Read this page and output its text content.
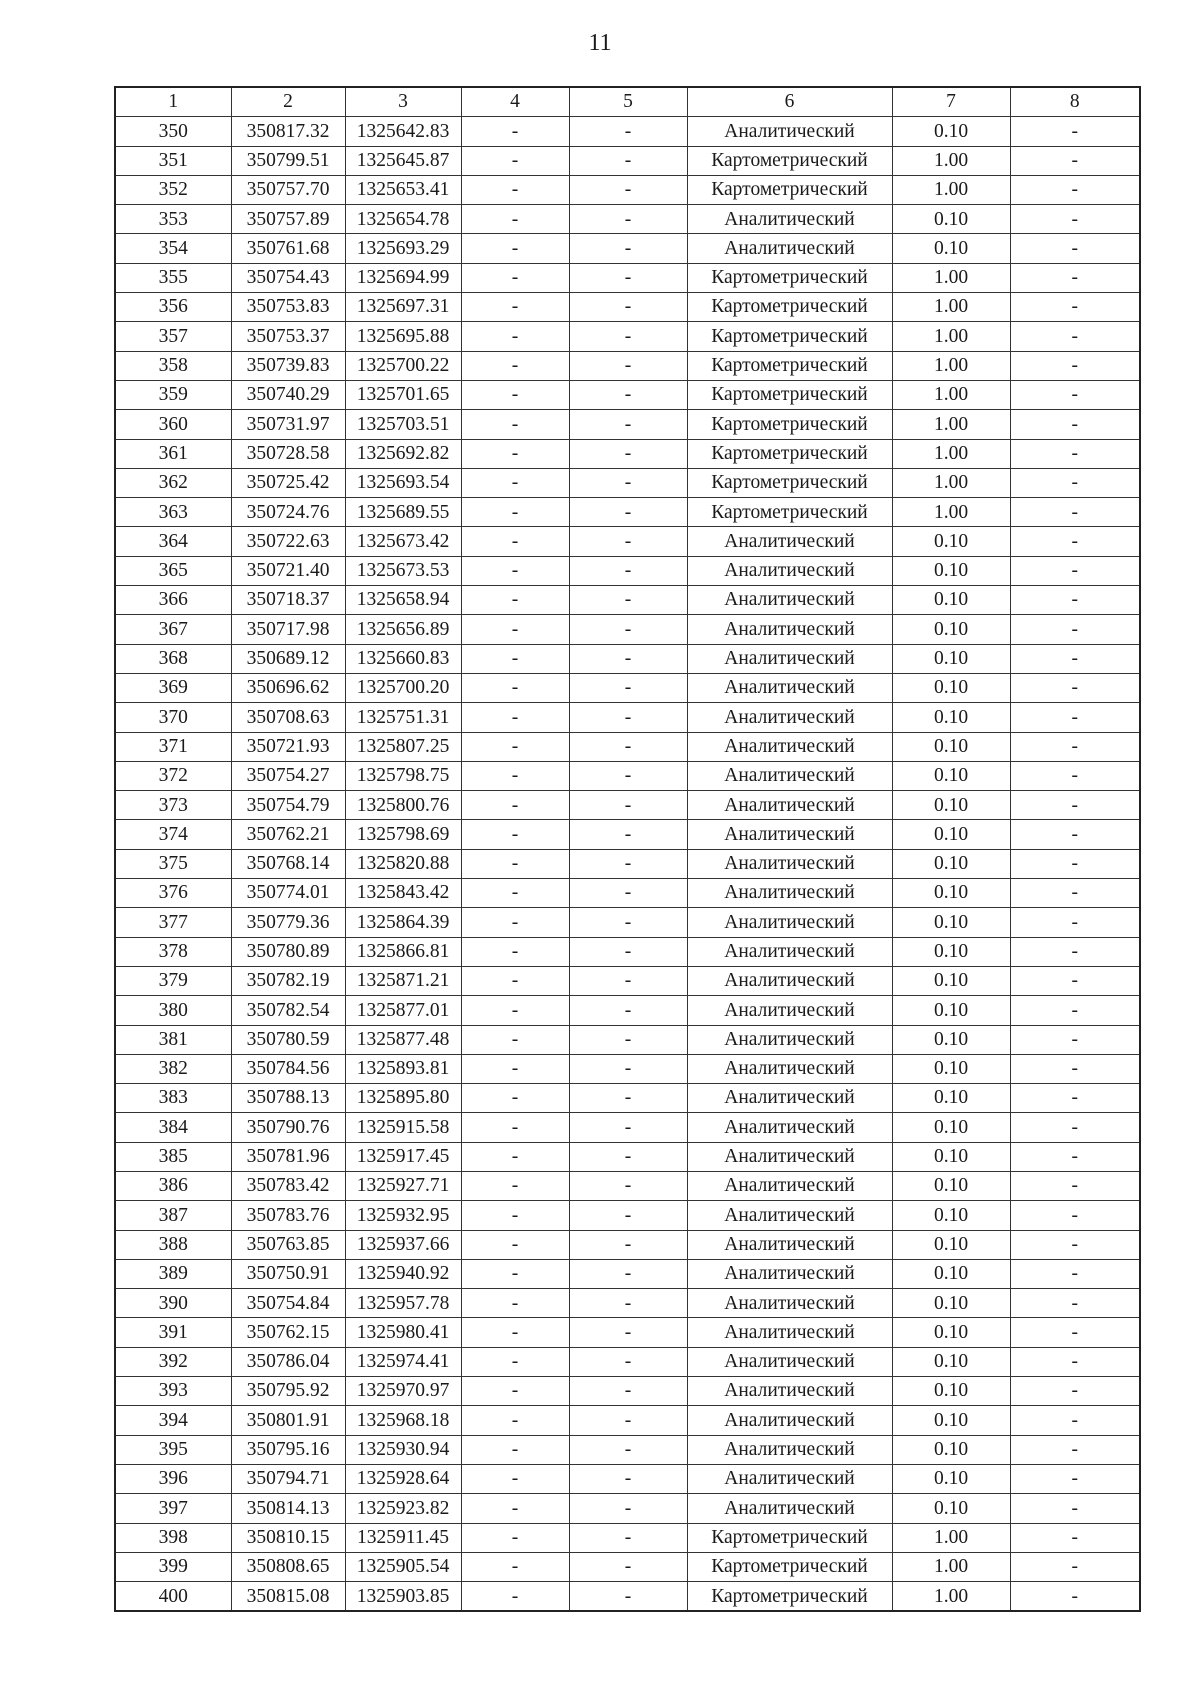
11
1	2	3	4	5	6	7	8
350	350817.32	1325642.83	-	-	Аналитический	0.10	-
351	350799.51	1325645.87	-	-	Картометрический	1.00	-
352	350757.70	1325653.41	-	-	Картометрический	1.00	-
353	350757.89	1325654.78	-	-	Аналитический	0.10	-
354	350761.68	1325693.29	-	-	Аналитический	0.10	-
355	350754.43	1325694.99	-	-	Картометрический	1.00	-
356	350753.83	1325697.31	-	-	Картометрический	1.00	-
357	350753.37	1325695.88	-	-	Картометрический	1.00	-
358	350739.83	1325700.22	-	-	Картометрический	1.00	-
359	350740.29	1325701.65	-	-	Картометрический	1.00	-
360	350731.97	1325703.51	-	-	Картометрический	1.00	-
361	350728.58	1325692.82	-	-	Картометрический	1.00	-
362	350725.42	1325693.54	-	-	Картометрический	1.00	-
363	350724.76	1325689.55	-	-	Картометрический	1.00	-
364	350722.63	1325673.42	-	-	Аналитический	0.10	-
365	350721.40	1325673.53	-	-	Аналитический	0.10	-
366	350718.37	1325658.94	-	-	Аналитический	0.10	-
367	350717.98	1325656.89	-	-	Аналитический	0.10	-
368	350689.12	1325660.83	-	-	Аналитический	0.10	-
369	350696.62	1325700.20	-	-	Аналитический	0.10	-
370	350708.63	1325751.31	-	-	Аналитический	0.10	-
371	350721.93	1325807.25	-	-	Аналитический	0.10	-
372	350754.27	1325798.75	-	-	Аналитический	0.10	-
373	350754.79	1325800.76	-	-	Аналитический	0.10	-
374	350762.21	1325798.69	-	-	Аналитический	0.10	-
375	350768.14	1325820.88	-	-	Аналитический	0.10	-
376	350774.01	1325843.42	-	-	Аналитический	0.10	-
377	350779.36	1325864.39	-	-	Аналитический	0.10	-
378	350780.89	1325866.81	-	-	Аналитический	0.10	-
379	350782.19	1325871.21	-	-	Аналитический	0.10	-
380	350782.54	1325877.01	-	-	Аналитический	0.10	-
381	350780.59	1325877.48	-	-	Аналитический	0.10	-
382	350784.56	1325893.81	-	-	Аналитический	0.10	-
383	350788.13	1325895.80	-	-	Аналитический	0.10	-
384	350790.76	1325915.58	-	-	Аналитический	0.10	-
385	350781.96	1325917.45	-	-	Аналитический	0.10	-
386	350783.42	1325927.71	-	-	Аналитический	0.10	-
387	350783.76	1325932.95	-	-	Аналитический	0.10	-
388	350763.85	1325937.66	-	-	Аналитический	0.10	-
389	350750.91	1325940.92	-	-	Аналитический	0.10	-
390	350754.84	1325957.78	-	-	Аналитический	0.10	-
391	350762.15	1325980.41	-	-	Аналитический	0.10	-
392	350786.04	1325974.41	-	-	Аналитический	0.10	-
393	350795.92	1325970.97	-	-	Аналитический	0.10	-
394	350801.91	1325968.18	-	-	Аналитический	0.10	-
395	350795.16	1325930.94	-	-	Аналитический	0.10	-
396	350794.71	1325928.64	-	-	Аналитический	0.10	-
397	350814.13	1325923.82	-	-	Аналитический	0.10	-
398	350810.15	1325911.45	-	-	Картометрический	1.00	-
399	350808.65	1325905.54	-	-	Картометрический	1.00	-
400	350815.08	1325903.85	-	-	Картометрический	1.00	-
